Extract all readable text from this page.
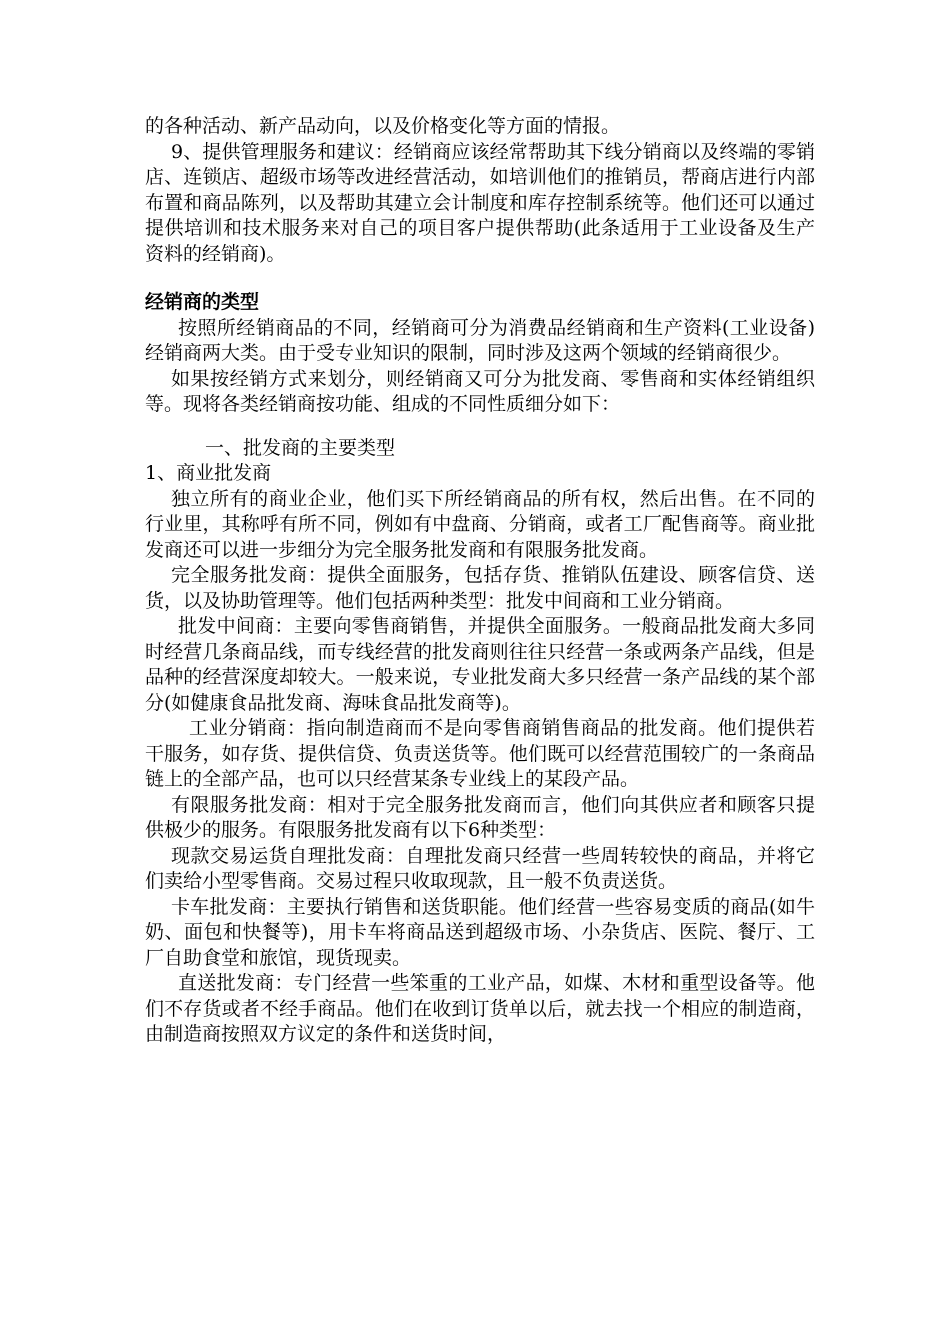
的各种活动、新产品动向，以及价格变化等方面的情报。

9、提供管理服务和建议：经销商应该经常帮助其下线分销商以及终端的零销店、连锁店、超级市场等改进经营活动，如培训他们的推销员，帮商店进行内部布置和商品陈列，以及帮助其建立会计制度和库存控制系统等。他们还可以通过提供培训和技术服务来对自己的项目客户提供帮助(此条适用于工业设备及生产资料的经销商)。

经销商的类型

按照所经销商品的不同，经销商可分为消费品经销商和生产资料(工业设备)经销商两大类。由于受专业知识的限制，同时涉及这两个领域的经销商很少。

如果按经销方式来划分，则经销商又可分为批发商、零售商和实体经销组织等。现将各类经销商按功能、组成的不同性质细分如下：

一、批发商的主要类型

1、商业批发商

独立所有的商业企业，他们买下所经销商品的所有权，然后出售。在不同的行业里，其称呼有所不同，例如有中盘商、分销商，或者工厂配售商等。商业批发商还可以进一步细分为完全服务批发商和有限服务批发商。

完全服务批发商：提供全面服务，包括存货、推销队伍建设、顾客信贷、送货，以及协助管理等。他们包括两种类型：批发中间商和工业分销商。

批发中间商：主要向零售商销售，并提供全面服务。一般商品批发商大多同时经营几条商品线，而专线经营的批发商则往往只经营一条或两条产品线，但是品种的经营深度却较大。一般来说，专业批发商大多只经营一条产品线的某个部分(如健康食品批发商、海味食品批发商等)。

工业分销商：指向制造商而不是向零售商销售商品的批发商。他们提供若干服务，如存货、提供信贷、负责送货等。他们既可以经营范围较广的一条商品链上的全部产品，也可以只经营某条专业线上的某段产品。

有限服务批发商：相对于完全服务批发商而言，他们向其供应者和顾客只提供极少的服务。有限服务批发商有以下6种类型：

现款交易运货自理批发商：自理批发商只经营一些周转较快的商品，并将它们卖给小型零售商。交易过程只收取现款，且一般不负责送货。

卡车批发商：主要执行销售和送货职能。他们经营一些容易变质的商品(如牛奶、面包和快餐等)，用卡车将商品送到超级市场、小杂货店、医院、餐厅、工厂自助食堂和旅馆，现货现卖。

直送批发商：专门经营一些笨重的工业产品，如煤、木材和重型设备等。他们不存货或者不经手商品。他们在收到订货单以后，就去找一个相应的制造商，由制造商按照双方议定的条件和送货时间，
